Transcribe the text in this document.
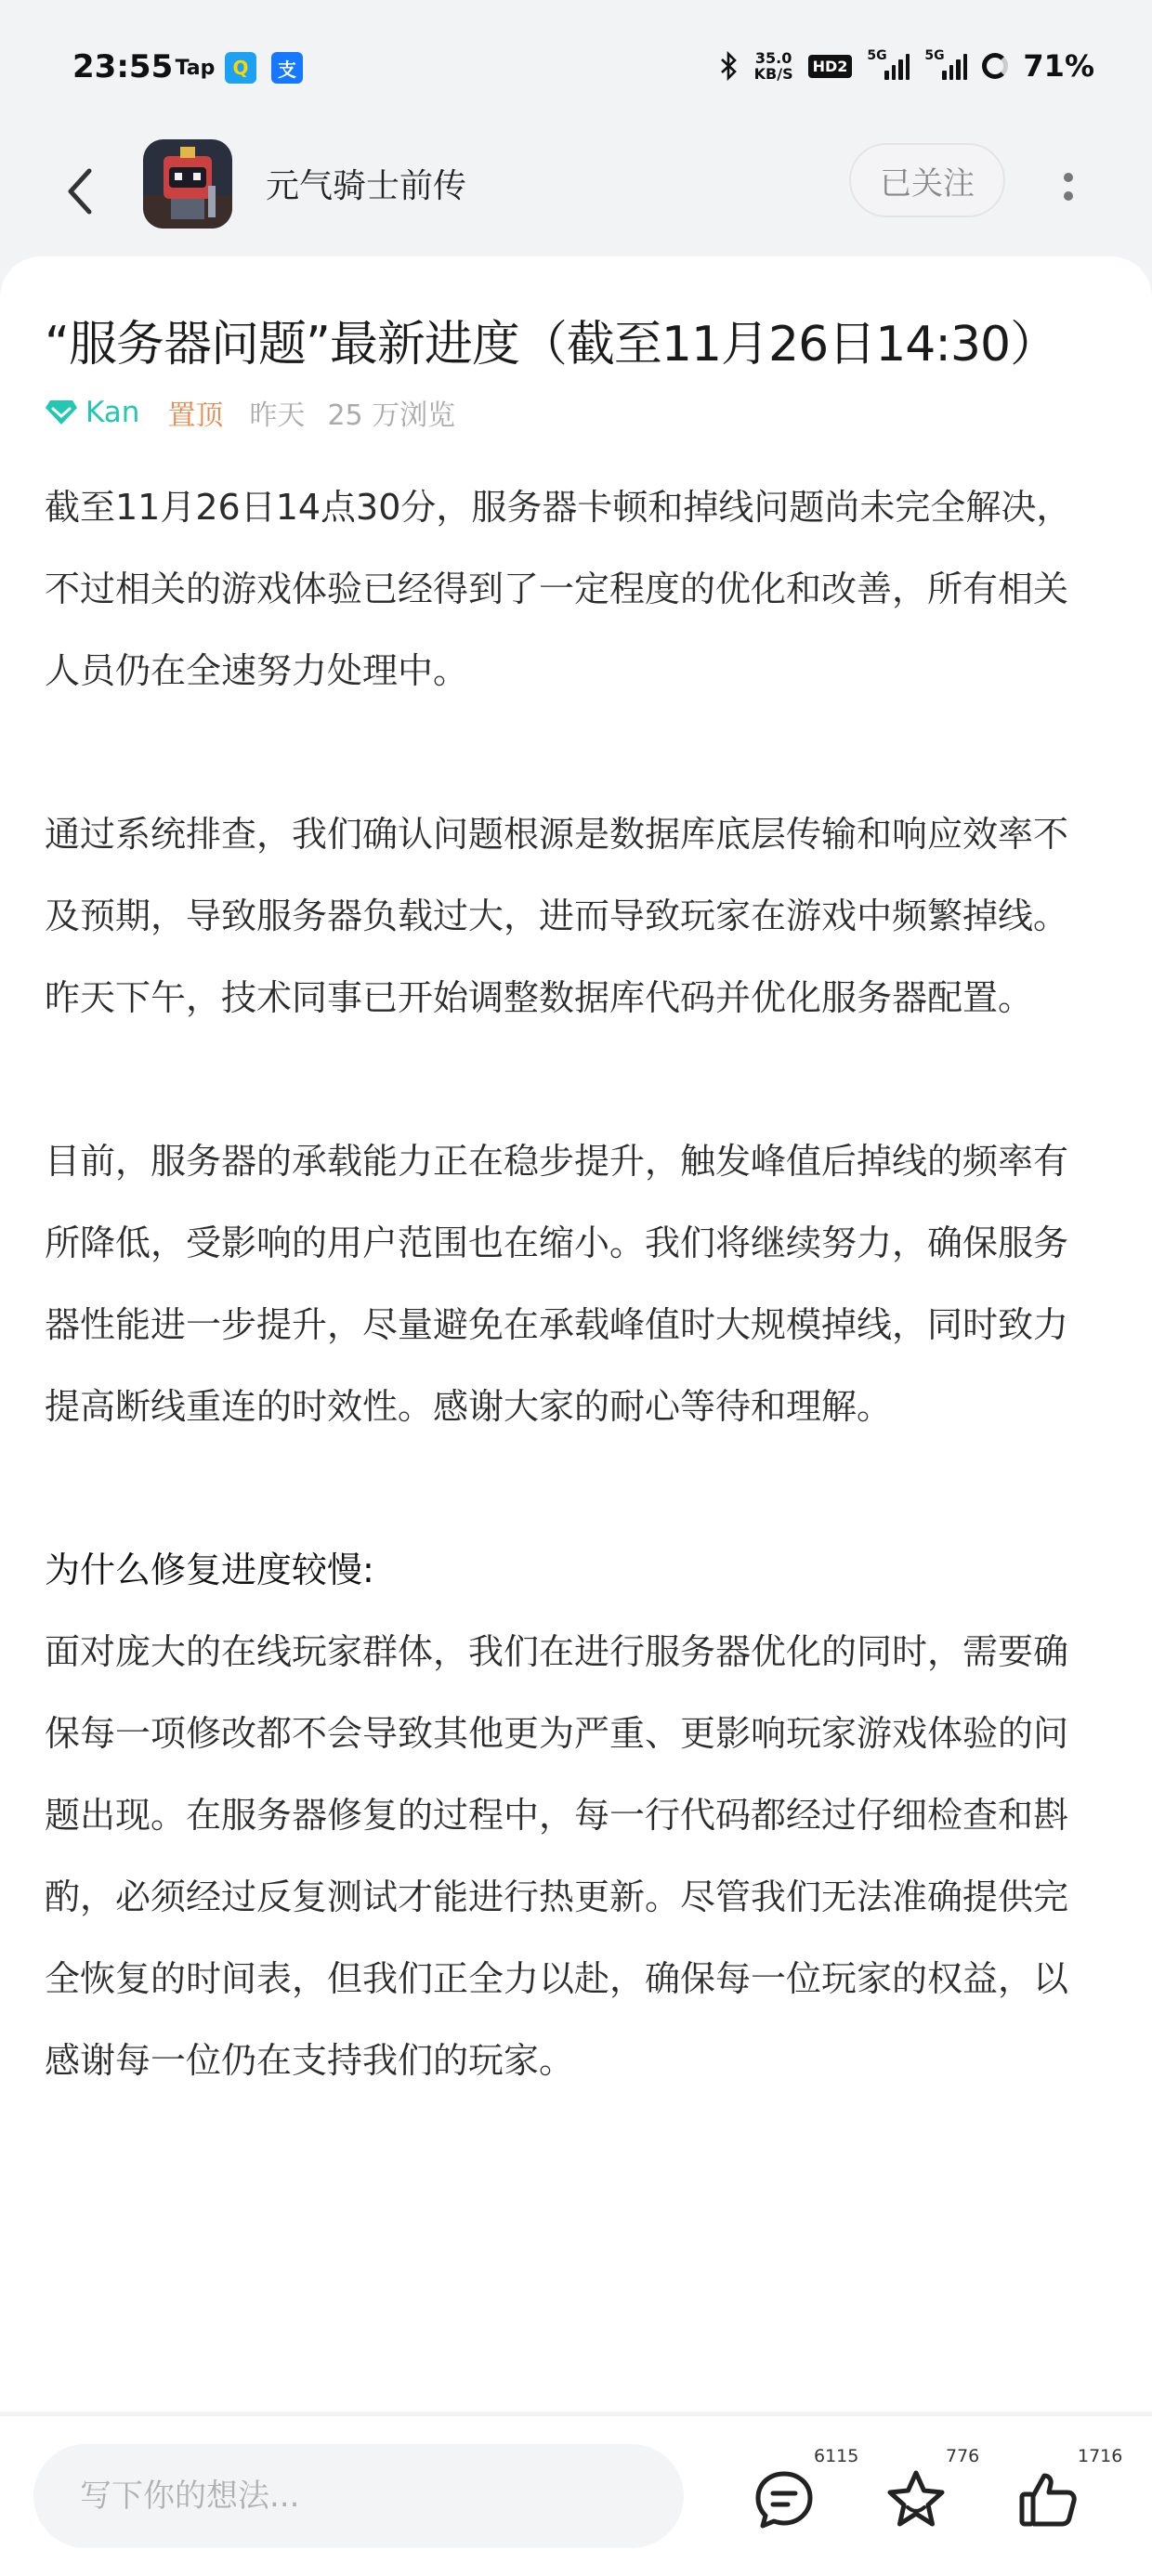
23:55 Tap Q	支	35.0
KB/S	HD2
5G	5G	71%
元气骑士前传	已关注
“服务器问题”最新进度（截至11月26日14:30）
Kan 置顶 昨天 25 万浏览

截至11月26日14点30分，服务器卡顿和掉线问题尚未完全解决，不过相关的游戏体验已经得到了一定程度的优化和改善，所有相关人员仍在全速努力处理中。

通过系统排查，我们确认问题根源是数据库底层传输和响应效率不及预期，导致服务器负载过大，进而导致玩家在游戏中频繁掉线。昨天下午，技术同事已开始调整数据库代码并优化服务器配置。

目前，服务器的承载能力正在稳步提升，触发峰值后掉线的频率有所降低，受影响的用户范围也在缩小。我们将继续努力，确保服务器性能进一步提升，尽量避免在承载峰值时大规模掉线，同时致力提高断线重连的时效性。感谢大家的耐心等待和理解。

为什么修复进度较慢:

面对庞大的在线玩家群体，我们在进行服务器优化的同时，需要确保每一项修改都不会导致其他更为严重、更影响玩家游戏体验的问题出现。在服务器修复的过程中，每一行代码都经过仔细检查和斟酌，必须经过反复测试才能进行热更新。尽管我们无法准确提供完全恢复的时间表，但我们正全力以赴，确保每一位玩家的权益，以感谢每一位仍在支持我们的玩家。

写下你的想法...
6115	776	1716
